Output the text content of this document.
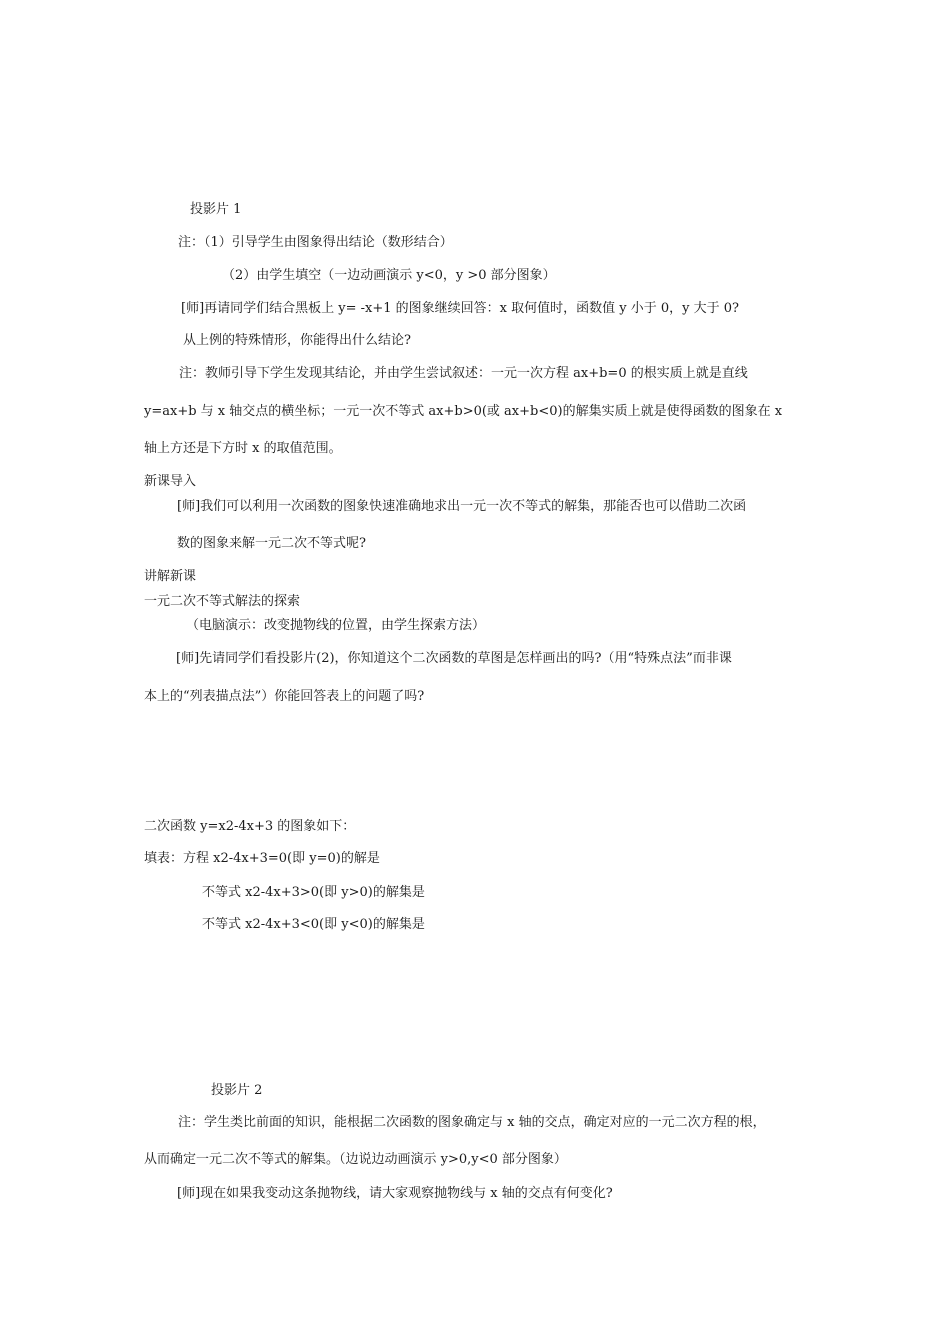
投影片 1
注：（1）引导学生由图象得出结论（数形结合）
（2）由学生填空（一边动画演示 y<0，y >0 部分图象）
[师]再请同学们结合黑板上 y= -x+1 的图象继续回答：x 取何值时，函数值 y 小于 0，y 大于 0?
从上例的特殊情形，你能得出什么结论?
注：教师引导下学生发现其结论，并由学生尝试叙述：一元一次方程 ax+b=0 的根实质上就是直线
y=ax+b 与 x 轴交点的横坐标；一元一次不等式 ax+b>0(或 ax+b<0)的解集实质上就是使得函数的图象在 x
轴上方还是下方时 x 的取值范围。
新课导入
[师]我们可以利用一次函数的图象快速准确地求出一元一次不等式的解集，那能否也可以借助二次函
数的图象来解一元二次不等式呢?
讲解新课
一元二次不等式解法的探索
（电脑演示：改变抛物线的位置，由学生探索方法）
[师]先请同学们看投影片(2)，你知道这个二次函数的草图是怎样画出的吗?（用“特殊点法”而非课
本上的“列表描点法”）你能回答表上的问题了吗?
二次函数 y=x2-4x+3 的图象如下：
填表：方程 x2-4x+3=0(即 y=0)的解是
不等式 x2-4x+3>0(即 y>0)的解集是
不等式 x2-4x+3<0(即 y<0)的解集是
投影片 2
注：学生类比前面的知识，能根据二次函数的图象确定与 x 轴的交点，确定对应的一元二次方程的根，
从而确定一元二次不等式的解集。（边说边动画演示 y>0,y<0 部分图象）
[师]现在如果我变动这条抛物线，请大家观察抛物线与 x 轴的交点有何变化?
